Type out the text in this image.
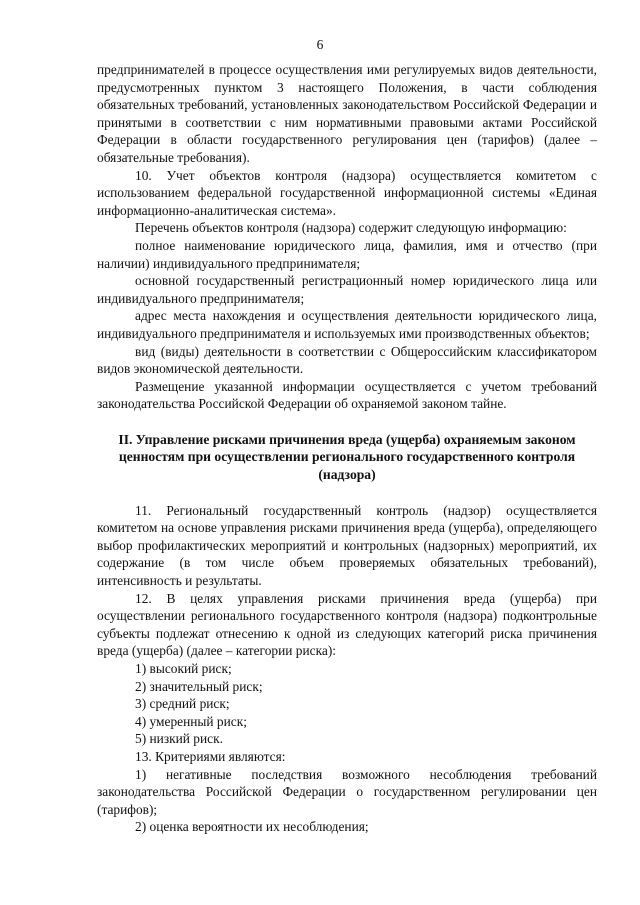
6

предпринимателей в процессе осуществления ими регулируемых видов деятельности, предусмотренных пунктом 3 настоящего Положения, в части соблюдения обязательных требований, установленных законодательством Российской Федерации и принятыми в соответствии с ним нормативными правовыми актами Российской Федерации в области государственного регулирования цен (тарифов) (далее – обязательные требования).

10. Учет объектов контроля (надзора) осуществляется комитетом с использованием федеральной государственной информационной системы «Единая информационно-аналитическая система».

Перечень объектов контроля (надзора) содержит следующую информацию:

полное наименование юридического лица, фамилия, имя и отчество (при наличии) индивидуального предпринимателя;

основной государственный регистрационный номер юридического лица или индивидуального предпринимателя;

адрес места нахождения и осуществления деятельности юридического лица, индивидуального предпринимателя и используемых ими производственных объектов;

вид (виды) деятельности в соответствии с Общероссийским классификатором видов экономической деятельности.

Размещение указанной информации осуществляется с учетом требований законодательства Российской Федерации об охраняемой законом тайне.

II. Управление рисками причинения вреда (ущерба) охраняемым законом ценностям при осуществлении регионального государственного контроля (надзора)

11. Региональный государственный контроль (надзор) осуществляется комитетом на основе управления рисками причинения вреда (ущерба), определяющего выбор профилактических мероприятий и контрольных (надзорных) мероприятий, их содержание (в том числе объем проверяемых обязательных требований), интенсивность и результаты.

12. В целях управления рисками причинения вреда (ущерба) при осуществлении регионального государственного контроля (надзора) подконтрольные субъекты подлежат отнесению к одной из следующих категорий риска причинения вреда (ущерба) (далее – категории риска):

1) высокий риск;

2) значительный риск;

3) средний риск;

4) умеренный риск;

5) низкий риск.

13. Критериями являются:

1) негативные последствия возможного несоблюдения требований законодательства Российской Федерации о государственном регулировании цен (тарифов);

2) оценка вероятности их несоблюдения;
